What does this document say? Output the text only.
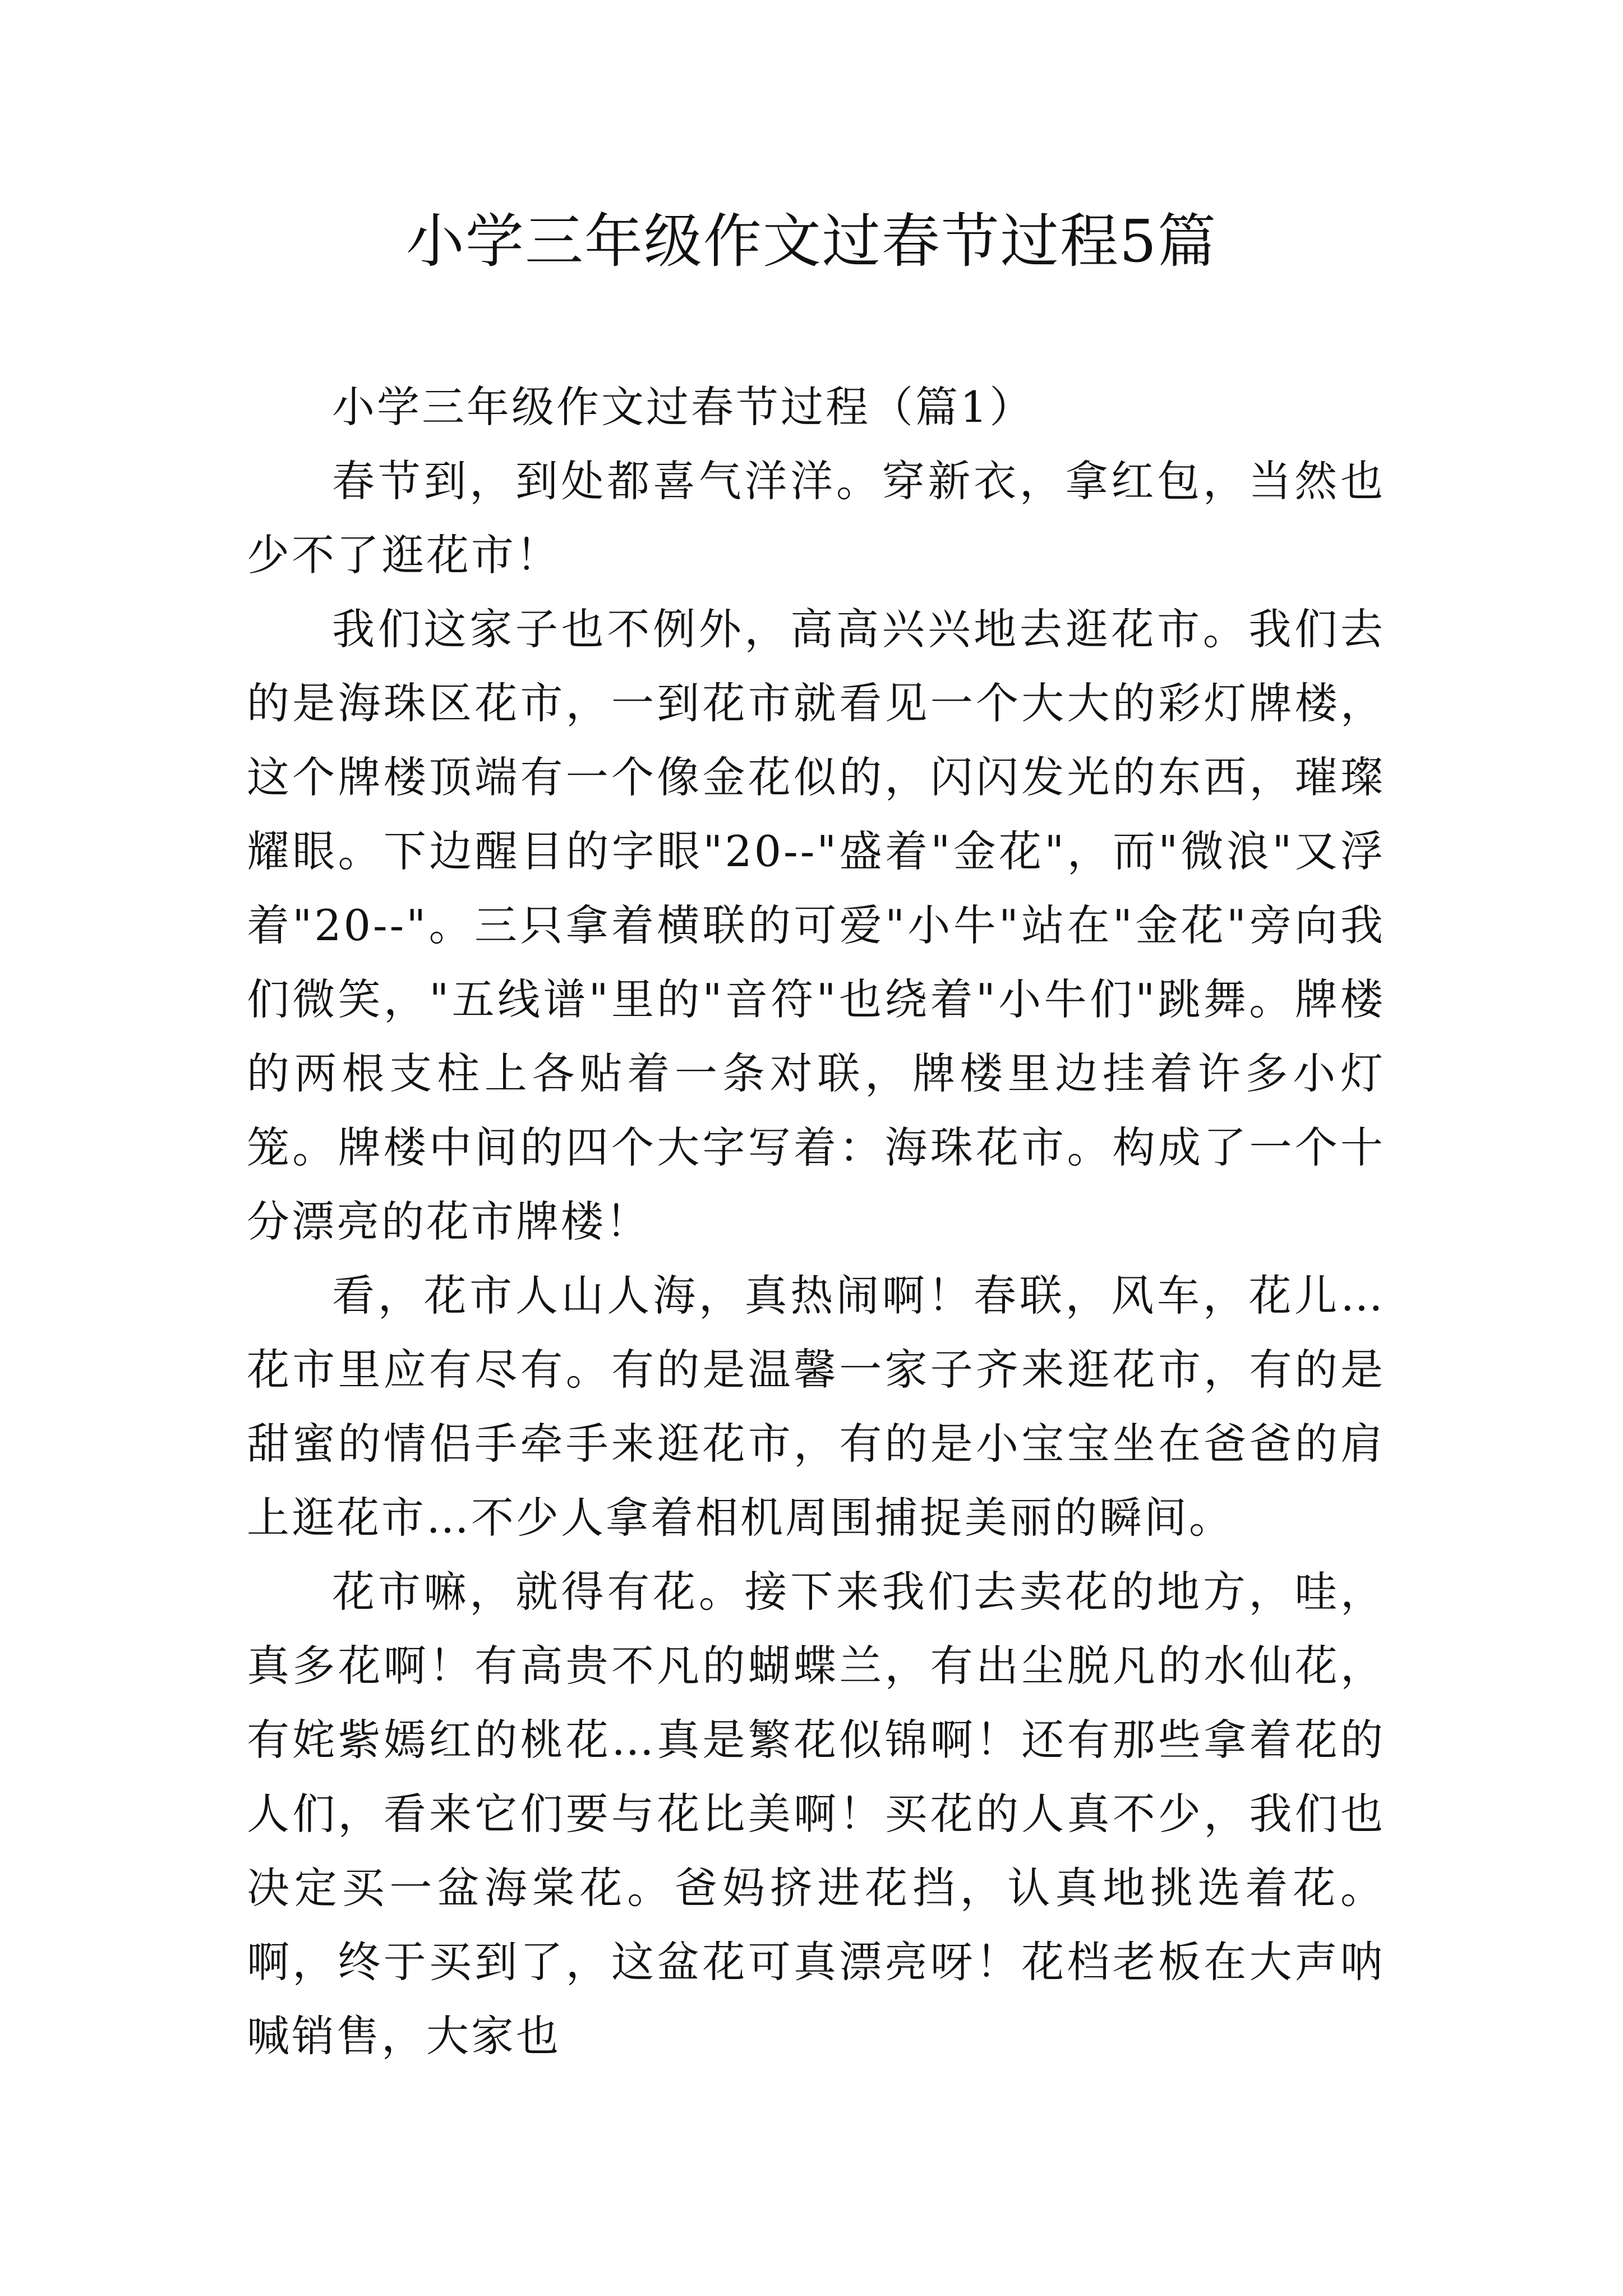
小学三年级作文过春节过程5篇

小学三年级作文过春节过程（篇1）

春节到，到处都喜气洋洋。穿新衣，拿红包，当然也少不了逛花市！

我们这家子也不例外，高高兴兴地去逛花市。我们去的是海珠区花市，一到花市就看见一个大大的彩灯牌楼，这个牌楼顶端有一个像金花似的，闪闪发光的东西，璀璨耀眼。下边醒目的字眼"20--"盛着"金花"，而"微浪"又浮着"20--"。三只拿着横联的可爱"小牛"站在"金花"旁向我们微笑，"五线谱"里的"音符"也绕着"小牛们"跳舞。牌楼的两根支柱上各贴着一条对联，牌楼里边挂着许多小灯笼。牌楼中间的四个大字写着：海珠花市。构成了一个十分漂亮的花市牌楼！

看，花市人山人海，真热闹啊！春联，风车，花儿…花市里应有尽有。有的是温馨一家子齐来逛花市，有的是甜蜜的情侣手牵手来逛花市，有的是小宝宝坐在爸爸的肩上逛花市…不少人拿着相机周围捕捉美丽的瞬间。

花市嘛，就得有花。接下来我们去卖花的地方，哇，真多花啊！有高贵不凡的蝴蝶兰，有出尘脱凡的水仙花，有姹紫嫣红的桃花…真是繁花似锦啊！还有那些拿着花的人们，看来它们要与花比美啊！买花的人真不少，我们也决定买一盆海棠花。爸妈挤进花挡，认真地挑选着花。啊，终于买到了，这盆花可真漂亮呀！花档老板在大声呐喊销售，大家也
